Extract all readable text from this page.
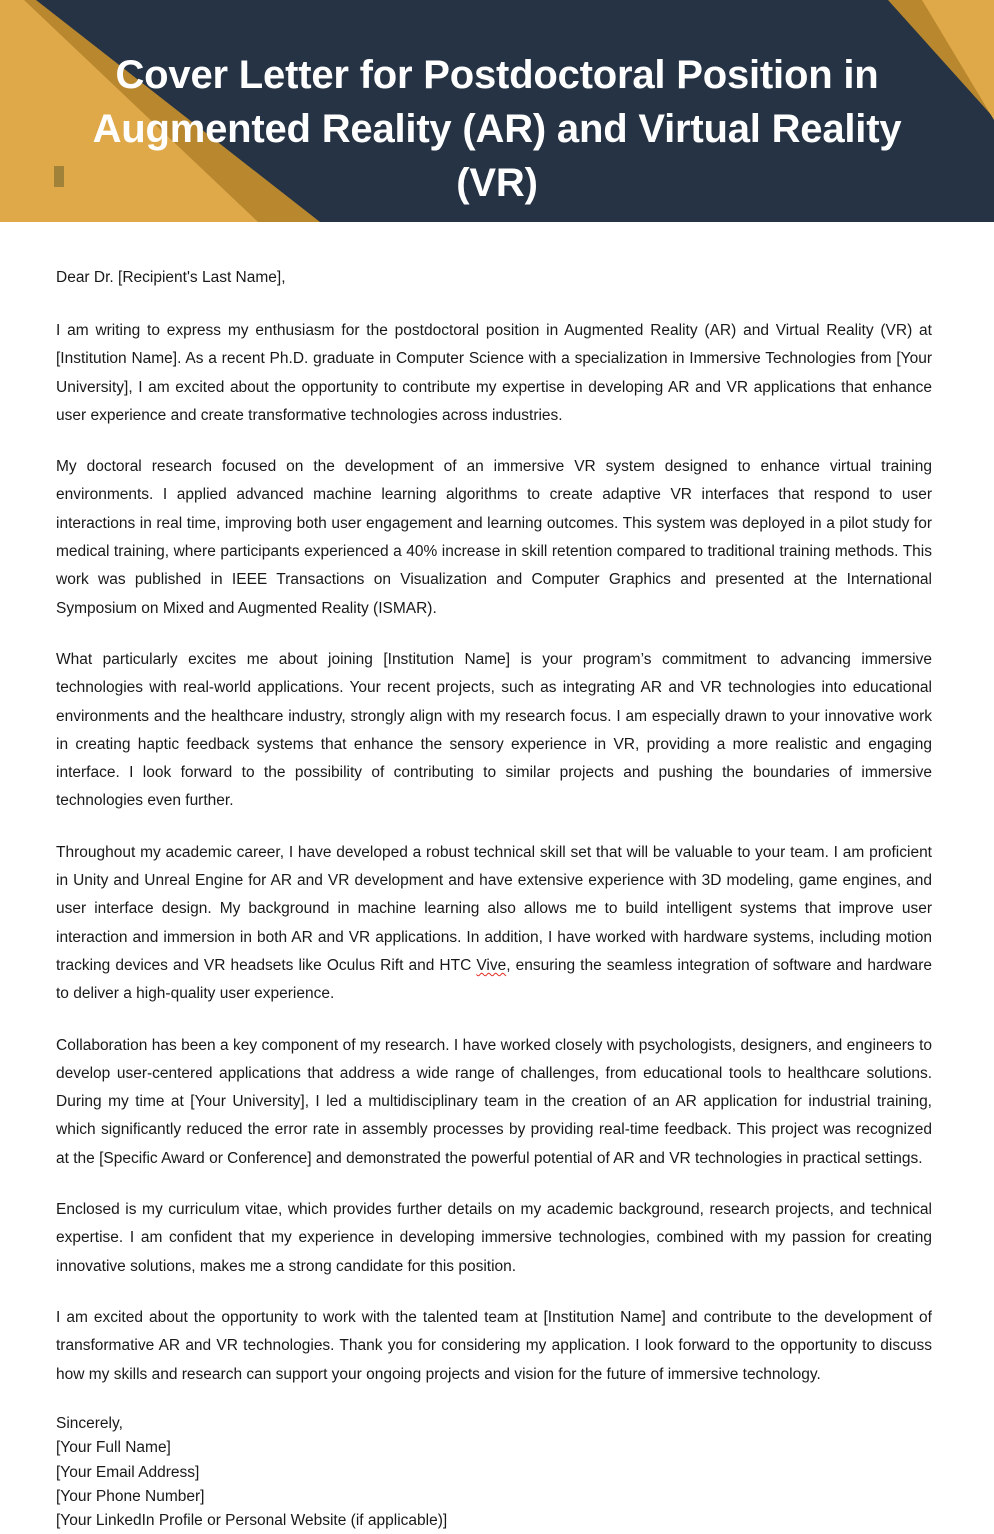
Cover Letter for Postdoctoral Position in Augmented Reality (AR) and Virtual Reality (VR)

Dear Dr. [Recipient's Last Name],

I am writing to express my enthusiasm for the postdoctoral position in Augmented Reality (AR) and Virtual Reality (VR) at [Institution Name]. As a recent Ph.D. graduate in Computer Science with a specialization in Immersive Technologies from [Your University], I am excited about the opportunity to contribute my expertise in developing AR and VR applications that enhance user experience and create transformative technologies across industries.

My doctoral research focused on the development of an immersive VR system designed to enhance virtual training environments. I applied advanced machine learning algorithms to create adaptive VR interfaces that respond to user interactions in real time, improving both user engagement and learning outcomes. This system was deployed in a pilot study for medical training, where participants experienced a 40% increase in skill retention compared to traditional training methods. This work was published in IEEE Transactions on Visualization and Computer Graphics and presented at the International Symposium on Mixed and Augmented Reality (ISMAR).

What particularly excites me about joining [Institution Name] is your program’s commitment to advancing immersive technologies with real-world applications. Your recent projects, such as integrating AR and VR technologies into educational environments and the healthcare industry, strongly align with my research focus. I am especially drawn to your innovative work in creating haptic feedback systems that enhance the sensory experience in VR, providing a more realistic and engaging interface. I look forward to the possibility of contributing to similar projects and pushing the boundaries of immersive technologies even further.

Throughout my academic career, I have developed a robust technical skill set that will be valuable to your team. I am proficient in Unity and Unreal Engine for AR and VR development and have extensive experience with 3D modeling, game engines, and user interface design. My background in machine learning also allows me to build intelligent systems that improve user interaction and immersion in both AR and VR applications. In addition, I have worked with hardware systems, including motion tracking devices and VR headsets like Oculus Rift and HTC Vive, ensuring the seamless integration of software and hardware to deliver a high-quality user experience.

Collaboration has been a key component of my research. I have worked closely with psychologists, designers, and engineers to develop user-centered applications that address a wide range of challenges, from educational tools to healthcare solutions. During my time at [Your University], I led a multidisciplinary team in the creation of an AR application for industrial training, which significantly reduced the error rate in assembly processes by providing real-time feedback. This project was recognized at the [Specific Award or Conference] and demonstrated the powerful potential of AR and VR technologies in practical settings.

Enclosed is my curriculum vitae, which provides further details on my academic background, research projects, and technical expertise. I am confident that my experience in developing immersive technologies, combined with my passion for creating innovative solutions, makes me a strong candidate for this position.

I am excited about the opportunity to work with the talented team at [Institution Name] and contribute to the development of transformative AR and VR technologies. Thank you for considering my application. I look forward to the opportunity to discuss how my skills and research can support your ongoing projects and vision for the future of immersive technology.

Sincerely,
[Your Full Name]
[Your Email Address]
[Your Phone Number]
[Your LinkedIn Profile or Personal Website (if applicable)]
